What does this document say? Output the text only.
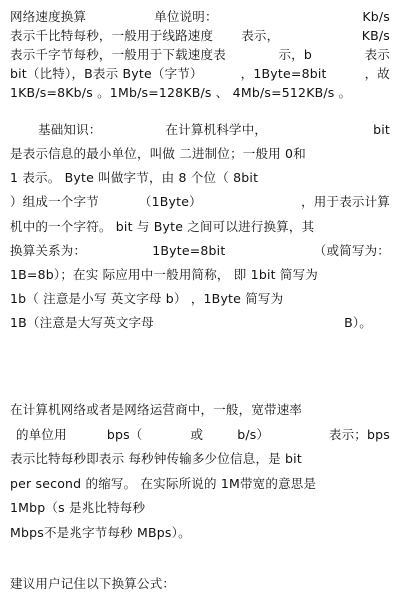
网络速度换算	单位说明：	Kb/s
表示千比特每秒，一般用于线路速度 表示，	KB/s
表示千字节每秒，一般用于下载速度表	示，b	表示
bit（比特），B表示 Byte（字节）	，1Byte=8bit	，故
1KB/s=8Kb/s 。1Mb/s=128KB/s 、 4Mb/s=512KB/s 。
基础知识：	在计算机科学中，	bit
是表示信息的最小单位，叫做 二进制位；一般用 0和
1 表示。 Byte 叫做字节，由 8 个位（ 8bit
）组成一个字节	（1Byte）	，用于表示计算
机中的一个字符。 bit 与 Byte 之间可以进行换算，其
换算关系为：	1Byte=8bit	（或简写为：
1B=8b）；在实 际应用中一般用简称， 即 1bit 简写为
1b（ 注意是小写 英文字母 b） ，1Byte 简写为
1B（注意是大写英文字母	B）。
在计算机网络或者是网络运营商中，一般，宽带速率
的单位用	bps（	或	b/s）	表示；bps
表示比特每秒即表示 每秒钟传输多少位信息，是 bit
per second 的缩写。 在实际所说的 1M带宽的意思是
1Mbp（s 是兆比特每秒
Mbps不是兆字节每秒 MBps）。
建议用户记住以下换算公式：
